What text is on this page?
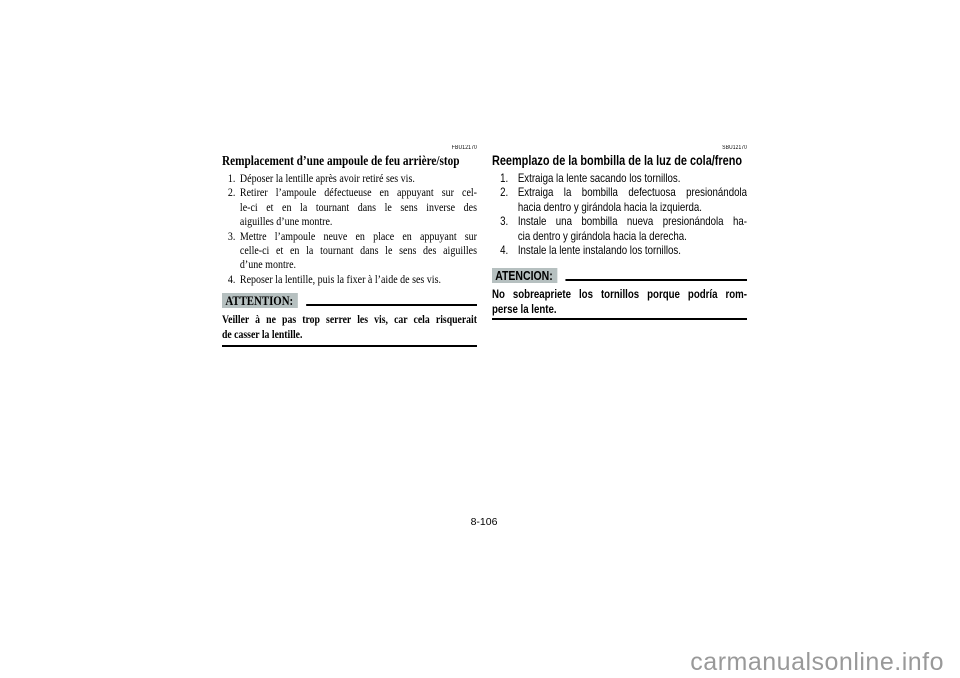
FBU12170
Remplacement d’une ampoule de feu arrière/stop
1. Déposer la lentille après avoir retiré ses vis.
2. Retirer l’ampoule défectueuse en appuyant sur cel-
le-ci et en la tournant dans le sens inverse des
aiguilles d’une montre.
3. Mettre l’ampoule neuve en place en appuyant sur
celle-ci et en la tournant dans le sens des aiguilles
d’une montre.
4. Reposer la lentille, puis la fixer à l’aide de ses vis.
ATTENTION:
Veiller à ne pas trop serrer les vis, car cela risquerait
de casser la lentille.
SBU12170
Reemplazo de la bombilla de la luz de cola/freno
1. Extraiga la lente sacando los tornillos.
2. Extraiga la bombilla defectuosa presionándola
hacia dentro y girándola hacia la izquierda.
3. Instale una bombilla nueva presionándola ha-
cia dentro y girándola hacia la derecha.
4. Instale la lente instalando los tornillos.
ATENCION:
No sobreapriete los tornillos porque podría rom-
perse la lente.
8-106
carmanualsonline.info
